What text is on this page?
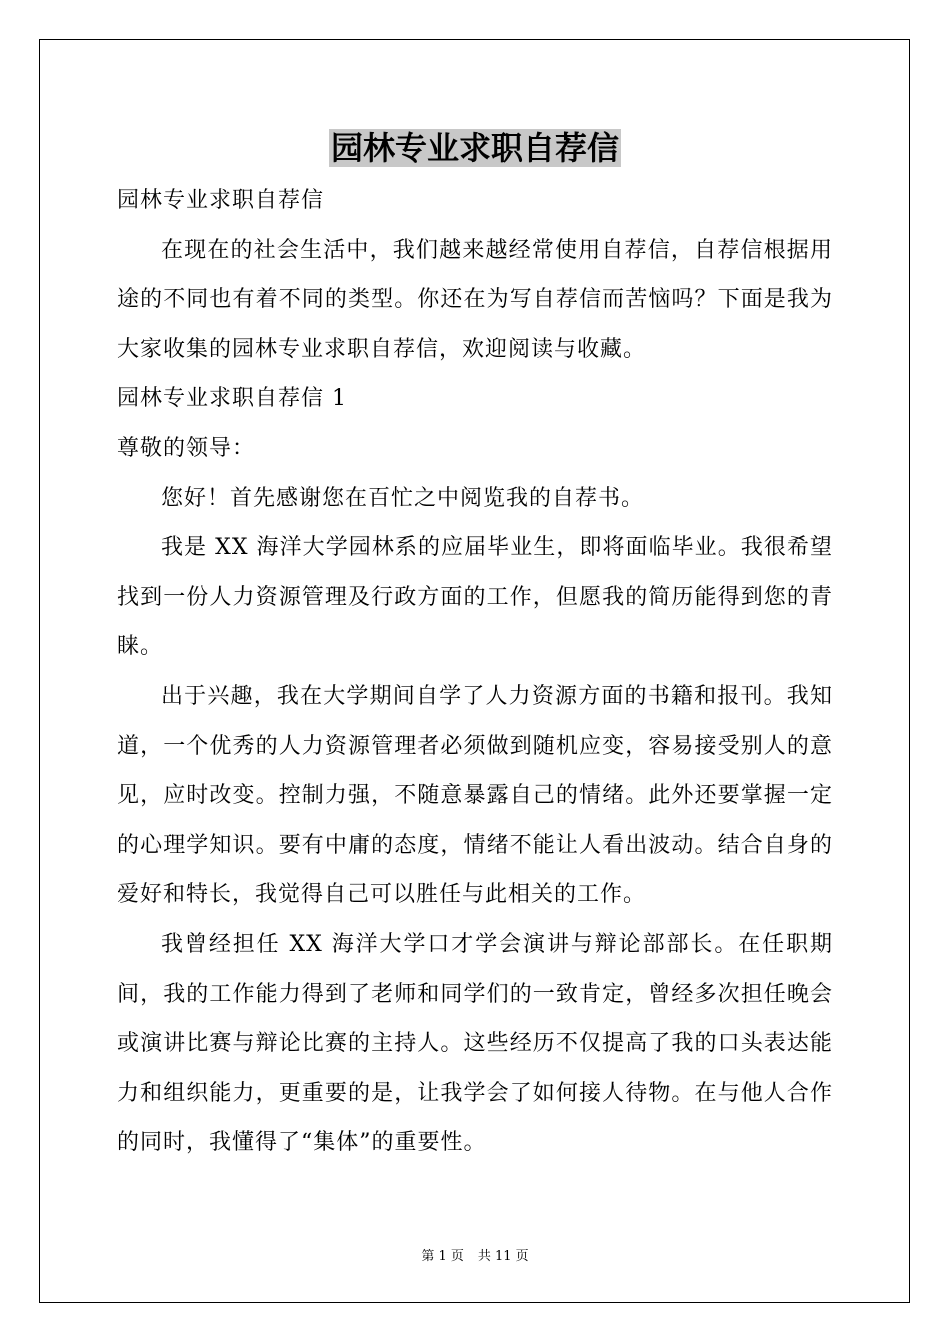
园林专业求职自荐信

园林专业求职自荐信

在现在的社会生活中，我们越来越经常使用自荐信，自荐信根据用途的不同也有着不同的类型。你还在为写自荐信而苦恼吗？下面是我为大家收集的园林专业求职自荐信，欢迎阅读与收藏。

园林专业求职自荐信 1

尊敬的领导：

您好！首先感谢您在百忙之中阅览我的自荐书。

我是 XX 海洋大学园林系的应届毕业生，即将面临毕业。我很希望找到一份人力资源管理及行政方面的工作，但愿我的简历能得到您的青睐。

出于兴趣，我在大学期间自学了人力资源方面的书籍和报刊。我知道，一个优秀的人力资源管理者必须做到随机应变，容易接受别人的意见，应时改变。控制力强，不随意暴露自己的情绪。此外还要掌握一定的心理学知识。要有中庸的态度，情绪不能让人看出波动。结合自身的爱好和特长，我觉得自己可以胜任与此相关的工作。

我曾经担任 XX 海洋大学口才学会演讲与辩论部部长。在任职期间，我的工作能力得到了老师和同学们的一致肯定，曾经多次担任晚会或演讲比赛与辩论比赛的主持人。这些经历不仅提高了我的口头表达能力和组织能力，更重要的是，让我学会了如何接人待物。在与他人合作的同时，我懂得了“集体”的重要性。

第 1 页 共 11 页
